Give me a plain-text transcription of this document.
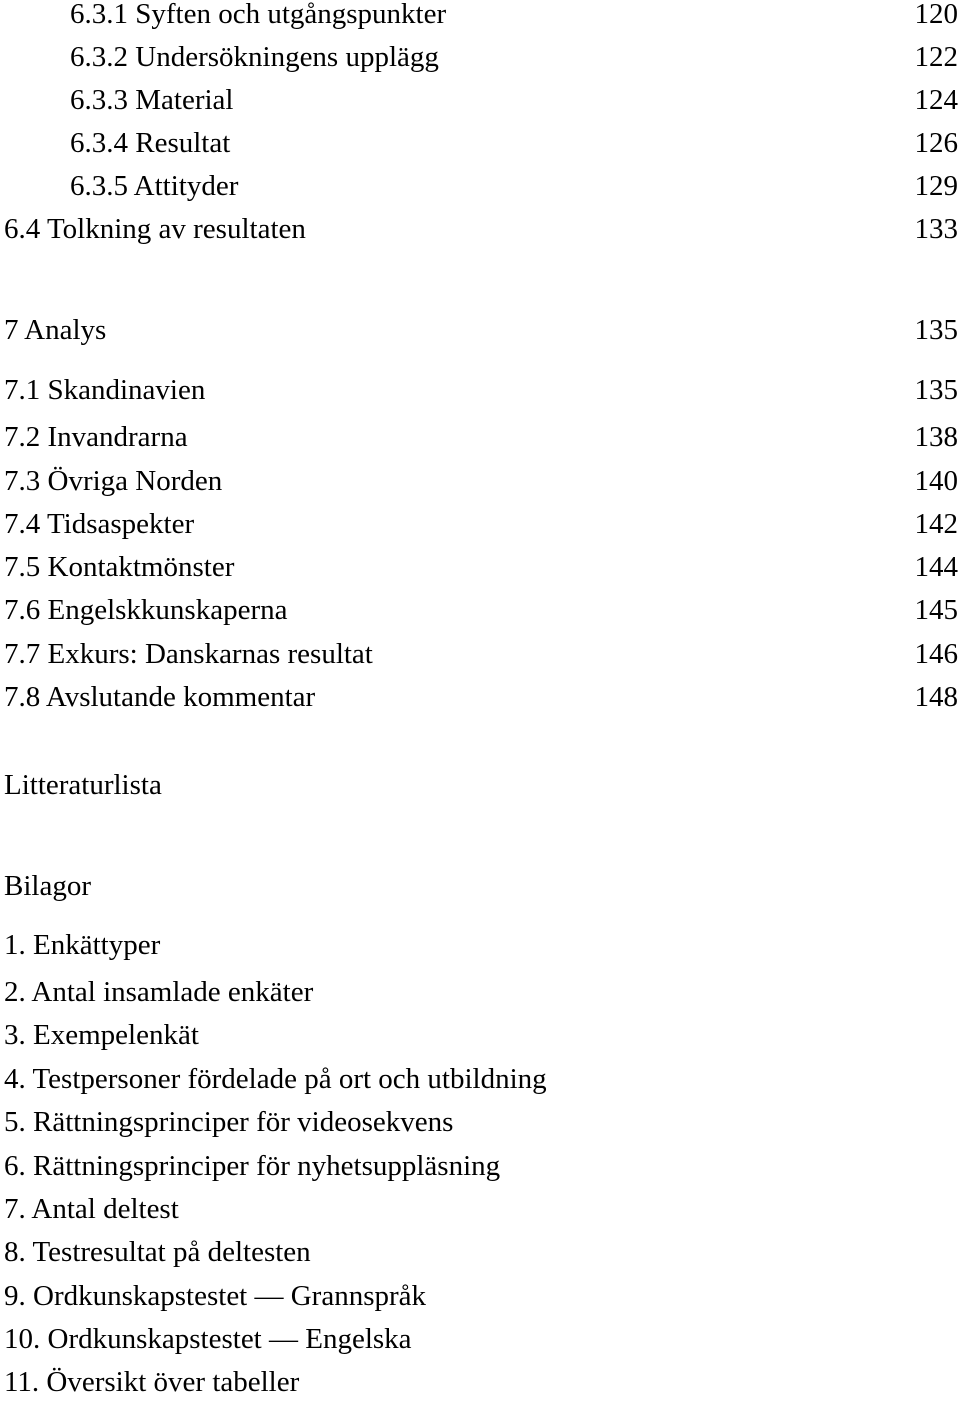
6.3.1 Syften och utgångspunkter	120
6.3.2 Undersökningens upplägg	122
6.3.3 Material	124
6.3.4 Resultat	126
6.3.5 Attityder	129
6.4 Tolkning av resultaten	133
7 Analys	135
7.1 Skandinavien	135
7.2 Invandrarna	138
7.3 Övriga Norden	140
7.4 Tidsaspekter	142
7.5 Kontaktmönster	144
7.6 Engelskkunskaperna	145
7.7 Exkurs: Danskarnas resultat	146
7.8 Avslutande kommentar	148
Litteraturlista
Bilagor
1. Enkättyper
2. Antal insamlade enkäter
3. Exempelenkät
4. Testpersoner fördelade på ort och utbildning
5. Rättningsprinciper för videosekvens
6. Rättningsprinciper för nyhetsuppläsning
7. Antal deltest
8. Testresultat på deltesten
9. Ordkunskapstestet — Grannspråk
10. Ordkunskapstestet — Engelska
11. Översikt över tabeller
